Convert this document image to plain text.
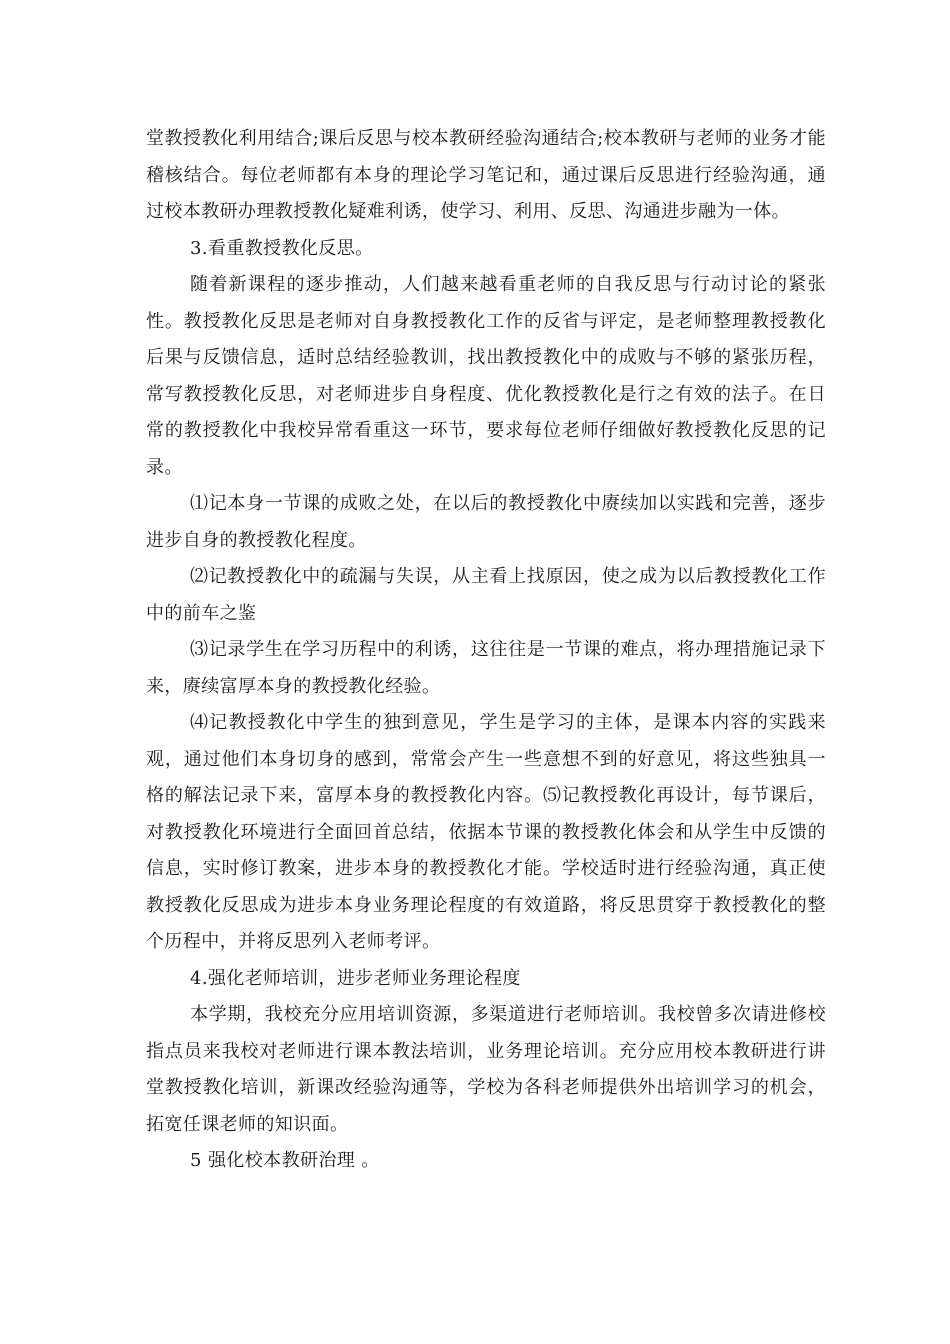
堂教授教化利用结合;课后反思与校本教研经验沟通结合;校本教研与老师的业务才能稽核结合。每位老师都有本身的理论学习笔记和，通过课后反思进行经验沟通，通过校本教研办理教授教化疑难利诱，使学习、利用、反思、沟通进步融为一体。

3.看重教授教化反思。

随着新课程的逐步推动，人们越来越看重老师的自我反思与行动讨论的紧张性。教授教化反思是老师对自身教授教化工作的反省与评定，是老师整理教授教化后果与反馈信息，适时总结经验教训，找出教授教化中的成败与不够的紧张历程，常写教授教化反思，对老师进步自身程度、优化教授教化是行之有效的法子。在日常的教授教化中我校异常看重这一环节，要求每位老师仔细做好教授教化反思的记录。

⑴记本身一节课的成败之处，在以后的教授教化中赓续加以实践和完善，逐步进步自身的教授教化程度。

⑵记教授教化中的疏漏与失误，从主看上找原因，使之成为以后教授教化工作中的前车之鉴

⑶记录学生在学习历程中的利诱，这往往是一节课的难点，将办理措施记录下来，赓续富厚本身的教授教化经验。

⑷记教授教化中学生的独到意见，学生是学习的主体，是课本内容的实践来观，通过他们本身切身的感到，常常会产生一些意想不到的好意见，将这些独具一格的解法记录下来，富厚本身的教授教化内容。⑸记教授教化再设计，每节课后，对教授教化环境进行全面回首总结，依据本节课的教授教化体会和从学生中反馈的信息，实时修订教案，进步本身的教授教化才能。学校适时进行经验沟通，真正使教授教化反思成为进步本身业务理论程度的有效道路，将反思贯穿于教授教化的整个历程中，并将反思列入老师考评。

4.强化老师培训，进步老师业务理论程度

本学期，我校充分应用培训资源，多渠道进行老师培训。我校曾多次请进修校指点员来我校对老师进行课本教法培训，业务理论培训。充分应用校本教研进行讲堂教授教化培训，新课改经验沟通等，学校为各科老师提供外出培训学习的机会，拓宽任课老师的知识面。

5 强化校本教研治理 。
